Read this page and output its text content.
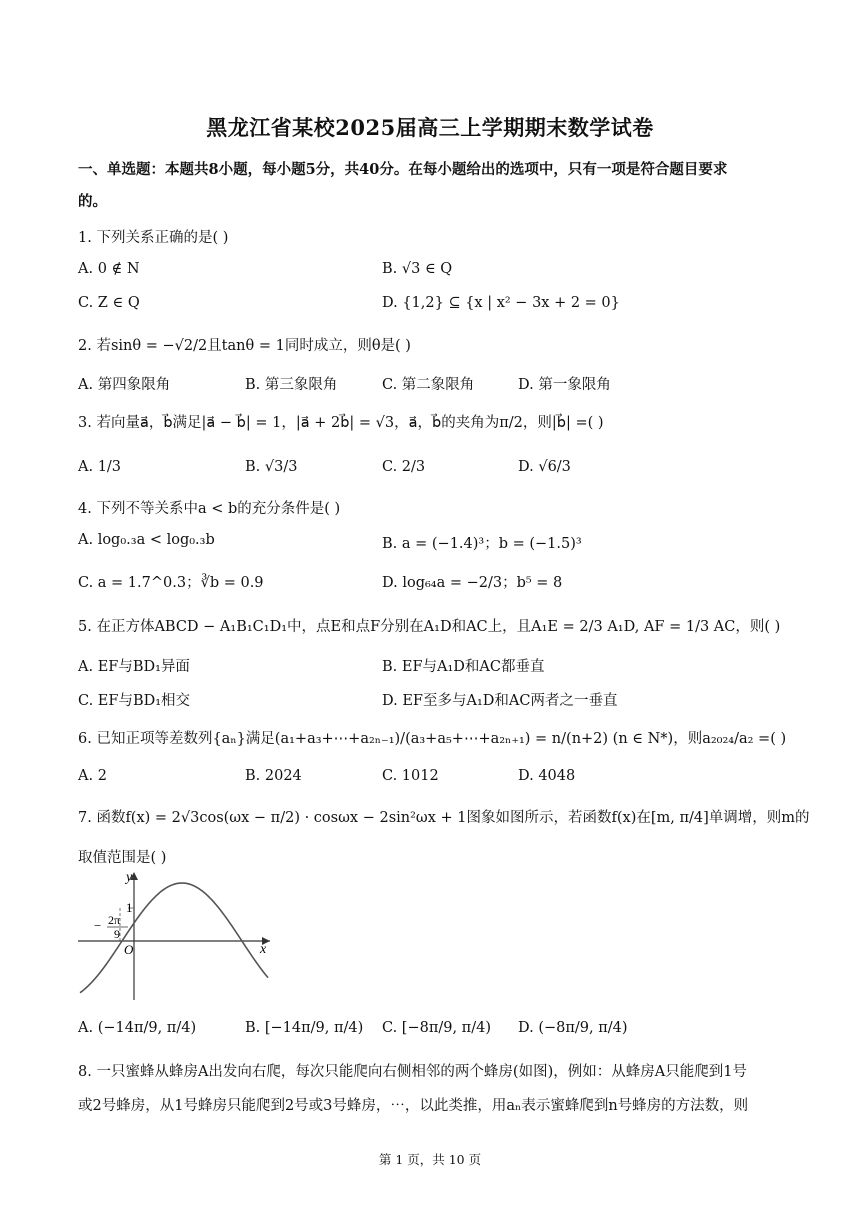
黑龙江省某校2025届高三上学期期末数学试卷
一、单选题：本题共8小题，每小题5分，共40分。在每小题给出的选项中，只有一项是符合题目要求
的。
1. 下列关系正确的是( )
A. 0 ∉ N	B. √3 ∈ Q
C. Z ∈ Q	D. {1,2} ⊆ {x | x² − 3x + 2 = 0}
2. 若sinθ = −√2/2且tanθ = 1同时成立，则θ是( )
A. 第四象限角	B. 第三象限角	C. 第二象限角	D. 第一象限角
3. 若向量a⃗，b⃗满足|a⃗ − b⃗| = 1，|a⃗ + 2b⃗| = √3，a⃗，b⃗的夹角为π/2，则|b⃗| =( )
A. 1/3	B. √3/3	C. 2/3	D. √6/3
4. 下列不等关系中a < b的充分条件是( )
A. log₀.₃a < log₀.₃b	B. a = (−1.4)³；b = (−1.5)³
C. a = 1.7^0.3；∛b = 0.9	D. log₆₄a = −2/3；b⁵ = 8
5. 在正方体ABCD − A₁B₁C₁D₁中，点E和点F分别在A₁D和AC上，且A₁E = 2/3 A₁D, AF = 1/3 AC，则( )
A. EF与BD₁异面	B. EF与A₁D和AC都垂直
C. EF与BD₁相交	D. EF至多与A₁D和AC两者之一垂直
6. 已知正项等差数列{aₙ}满足(a₁+a₃+⋯+a₂ₙ₋₁)/(a₃+a₅+⋯+a₂ₙ₊₁) = n/(n+2) (n ∈ N*)，则a₂₀₂₄/a₂ =( )
A. 2	B. 2024	C. 1012	D. 4048
7. 函数f(x) = 2√3cos(ωx − π/2) · cosωx − 2sin²ωx + 1图象如图所示，若函数f(x)在[m, π/4]单调增，则m的
取值范围是( )
y
x
O
1
− 2π
9
A. (−14π/9, π/4)	B. [−14π/9, π/4) C. [−8π/9, π/4) D. (−8π/9, π/4)
8. 一只蜜蜂从蜂房A出发向右爬，每次只能爬向右侧相邻的两个蜂房(如图)，例如：从蜂房A只能爬到1号
或2号蜂房，从1号蜂房只能爬到2号或3号蜂房，⋯，以此类推，用aₙ表示蜜蜂爬到n号蜂房的方法数，则
第 1 页，共 10 页
